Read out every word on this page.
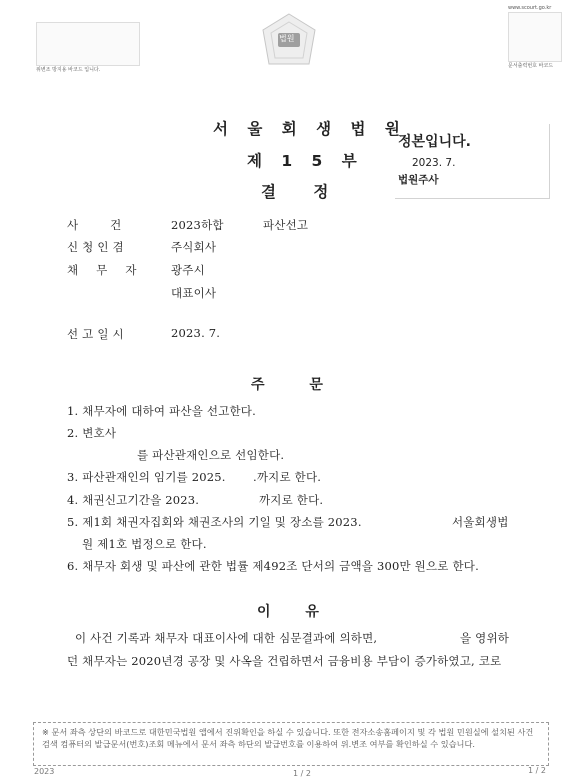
위변조 방지용 바코드 입니다.
법원
www.scourt.go.kr
문서출력번호 바코드
서 울 회 생 법 원
제 1 5 부
결 정
정본입니다.
2023. 7.
법원주사
사 건	2023하합	파산선고
신 청 인 겸	주식회사
채 무 자	광주시
대표이사
선 고 일 시	2023. 7.
주 문
1. 채무자에 대하여 파산을 선고한다.
2. 변호사
를 파산관재인으로 선임한다.
3. 파산관재인의 임기를 2025. .까지로 한다.
4. 채권신고기간을 2023.	까지로 한다.
5. 제1회 채권자집회와 채권조사의 기일 및 장소를 2023.	서울회생법
원 제1호 법정으로 한다.
6. 채무자 회생 및 파산에 관한 법률 제492조 단서의 금액을 300만 원으로 한다.
이 유
이 사건 기록과 채무자 대표이사에 대한 심문결과에 의하면,	을 영위하
던 채무자는 2020년경 공장 및 사옥을 건립하면서 금융비용 부담이 증가하였고, 코로
※ 문서 좌측 상단의 바코드로 대한민국법원 앱에서 진위확인을 하실 수 있습니다. 또한 전자소송홈페이지 및 각 법원 민원실에 설치된 사건검색 컴퓨터의 발급문서(번호)조회 메뉴에서 문서 좌측 하단의 발급번호를 이용하여 위.변조 여부를 확인하실 수 있습니다.
2023	1 / 2	1 / 2
